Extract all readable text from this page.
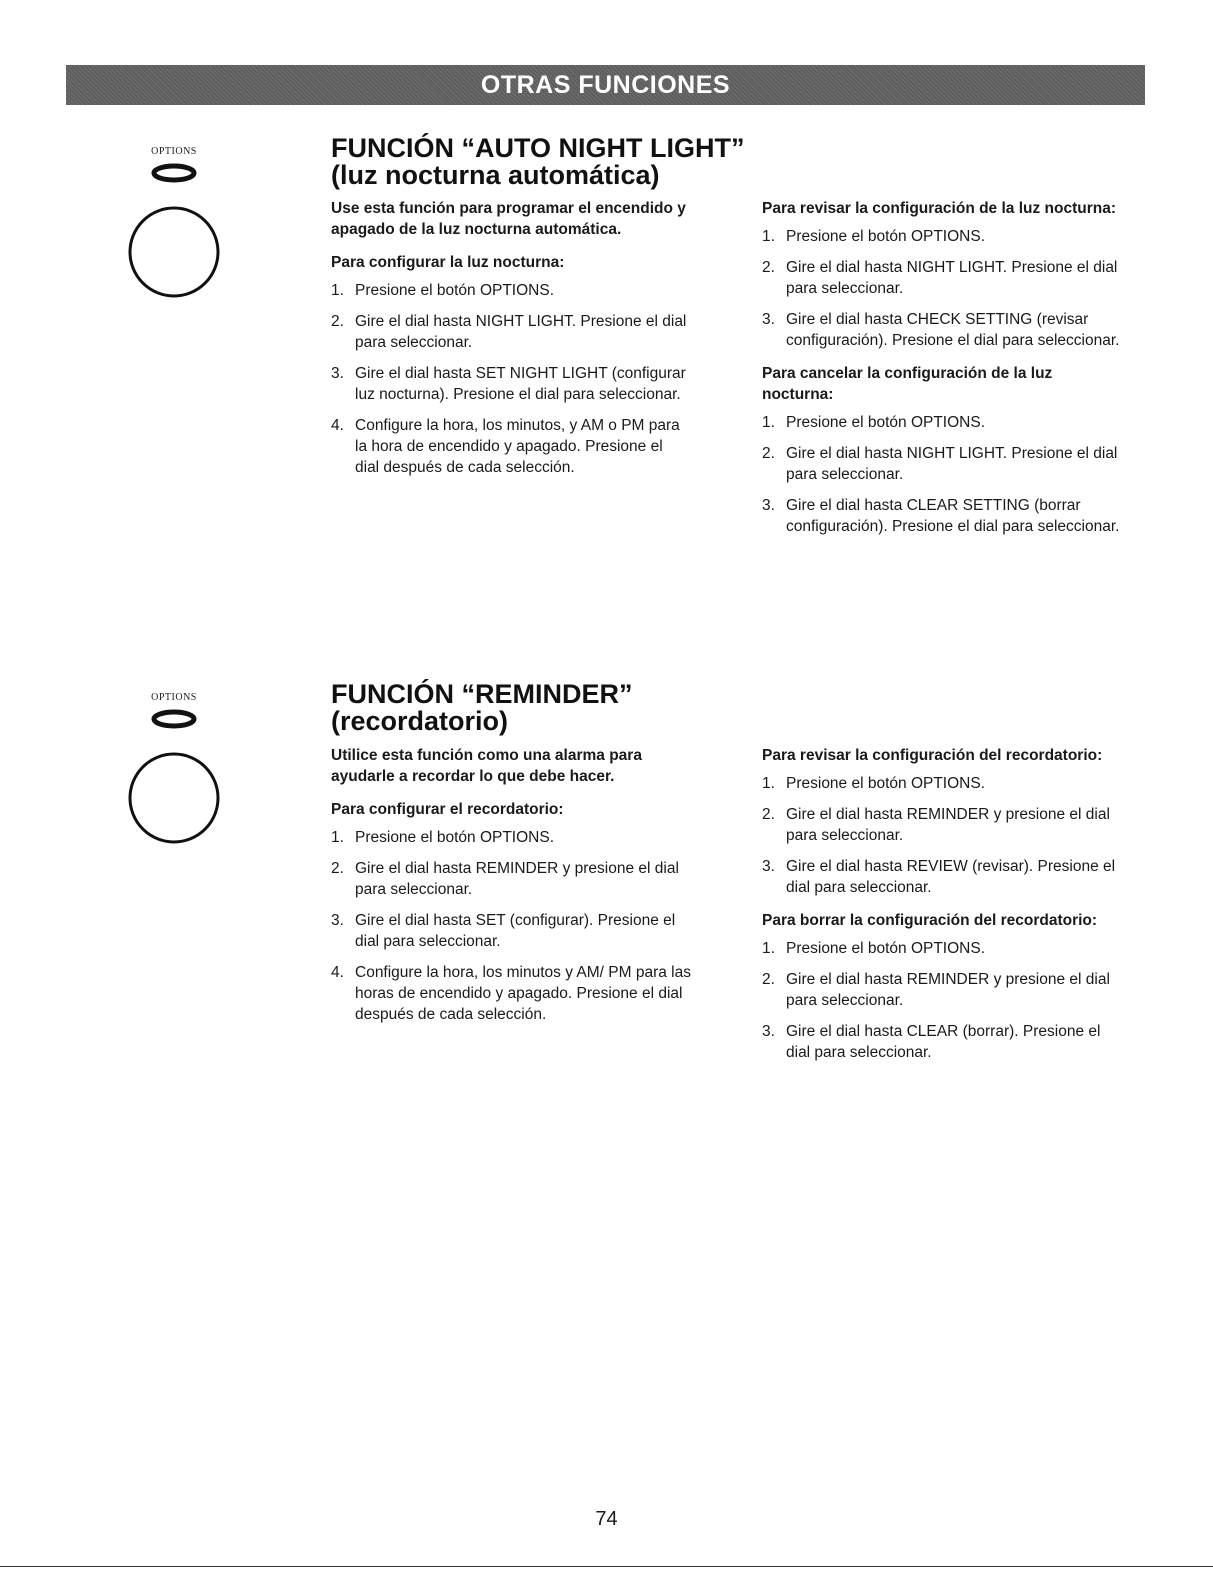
OTRAS FUNCIONES
OPTIONS	FUNCIÓN “AUTO NIGHT LIGHT”
(luz nocturna automática)

Use esta función para programar el encendido y apagado de la luz nocturna automática.

Para configurar la luz nocturna:

1. Presione el botón OPTIONS.
2. Gire el dial hasta NIGHT LIGHT. Presione el dial para seleccionar.
3. Gire el dial hasta SET NIGHT LIGHT (configurar luz nocturna). Presione el dial para seleccionar.
4. Configure la hora, los minutos, y AM o PM para la hora de encendido y apagado. Presione el dial después de cada selección.

Para revisar la configuración de la luz nocturna:

1. Presione el botón OPTIONS.
2. Gire el dial hasta NIGHT LIGHT. Presione el dial para seleccionar.
3. Gire el dial hasta CHECK SETTING (revisar configuración). Presione el dial para seleccionar.

Para cancelar la configuración de la luz nocturna:

1. Presione el botón OPTIONS.
2. Gire el dial hasta NIGHT LIGHT. Presione el dial para seleccionar.
3. Gire el dial hasta CLEAR SETTING (borrar configuración). Presione el dial para seleccionar.
OPTIONS	FUNCIÓN “REMINDER”
(recordatorio)

Utilice esta función como una alarma para ayudarle a recordar lo que debe hacer.

Para configurar el recordatorio:

1. Presione el botón OPTIONS.
2. Gire el dial hasta REMINDER y presione el dial para seleccionar.
3. Gire el dial hasta SET (configurar). Presione el dial para seleccionar.
4. Configure la hora, los minutos y AM/ PM para las horas de encendido y apagado. Presione el dial después de cada selección.

Para revisar la configuración del recordatorio:

1. Presione el botón OPTIONS.
2. Gire el dial hasta REMINDER y presione el dial para seleccionar.
3. Gire el dial hasta REVIEW (revisar). Presione el dial para seleccionar.

Para borrar la configuración del recordatorio:

1. Presione el botón OPTIONS.
2. Gire el dial hasta REMINDER y presione el dial para seleccionar.
3. Gire el dial hasta CLEAR (borrar). Presione el dial para seleccionar.
74
